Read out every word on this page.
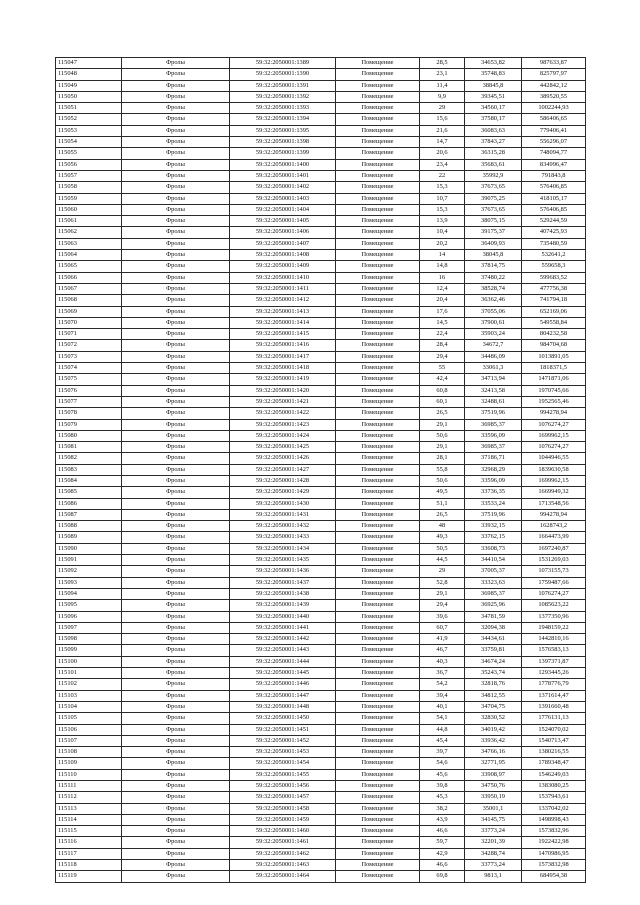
115047	Фролы	59:32:2050001:1389	Помещение	28,5	34653,82	987633,87
115048	Фролы	59:32:2050001:1390	Помещение	23,1	35748,83	825797,97
115049	Фролы	59:32:2050001:1391	Помещение	11,4	38845,8	442842,12
115050	Фролы	59:32:2050001:1392	Помещение	9,9	39345,51	389520,55
115051	Фролы	59:32:2050001:1393	Помещение	29	34560,17	1002244,93
115052	Фролы	59:32:2050001:1394	Помещение	15,6	37580,17	586406,65
115053	Фролы	59:32:2050001:1395	Помещение	21,6	36083,63	779406,41
115054	Фролы	59:32:2050001:1398	Помещение	14,7	37843,27	556296,07
115055	Фролы	59:32:2050001:1399	Помещение	20,6	36315,28	748094,77
115056	Фролы	59:32:2050001:1400	Помещение	23,4	35683,61	834996,47
115057	Фролы	59:32:2050001:1401	Помещение	22	35992,9	791843,8
115058	Фролы	59:32:2050001:1402	Помещение	15,3	37673,65	576406,85
115059	Фролы	59:32:2050001:1403	Помещение	10,7	39075,25	418105,17
115060	Фролы	59:32:2050001:1404	Помещение	15,3	37673,65	576406,85
115061	Фролы	59:32:2050001:1405	Помещение	13,9	38075,15	529244,59
115062	Фролы	59:32:2050001:1406	Помещение	10,4	39175,37	407425,93
115063	Фролы	59:32:2050001:1407	Помещение	20,2	36409,93	735480,59
115064	Фролы	59:32:2050001:1408	Помещение	14	38045,8	532641,2
115065	Фролы	59:32:2050001:1409	Помещение	14,8	37814,75	559658,3
115066	Фролы	59:32:2050001:1410	Помещение	16	37480,22	599683,52
115067	Фролы	59:32:2050001:1411	Помещение	12,4	38528,74	477756,38
115068	Фролы	59:32:2050001:1412	Помещение	20,4	36362,46	741794,18
115069	Фролы	59:32:2050001:1413	Помещение	17,6	37055,06	652169,06
115070	Фролы	59:32:2050001:1414	Помещение	14,5	37900,61	549558,84
115071	Фролы	59:32:2050001:1415	Помещение	22,4	35903,24	804232,58
115072	Фролы	59:32:2050001:1416	Помещение	28,4	34672,7	984704,68
115073	Фролы	59:32:2050001:1417	Помещение	29,4	34486,09	1013891,05
115074	Фролы	59:32:2050001:1418	Помещение	55	33061,3	1818371,5
115075	Фролы	59:32:2050001:1419	Помещение	42,4	34713,94	1471871,06
115076	Фролы	59:32:2050001:1420	Помещение	60,8	32413,58	1970745,66
115077	Фролы	59:32:2050001:1421	Помещение	60,1	32488,61	1952565,46
115078	Фролы	59:32:2050001:1422	Помещение	26,5	37519,96	994278,94
115079	Фролы	59:32:2050001:1423	Помещение	29,1	36985,37	1076274,27
115080	Фролы	59:32:2050001:1424	Помещение	50,6	33596,09	1699962,15
115081	Фролы	59:32:2050001:1425	Помещение	29,1	36985,37	1076274,27
115082	Фролы	59:32:2050001:1426	Помещение	28,1	37186,71	1044946,55
115083	Фролы	59:32:2050001:1427	Помещение	55,8	32968,29	1839630,58
115084	Фролы	59:32:2050001:1428	Помещение	50,6	33596,09	1699962,15
115085	Фролы	59:32:2050001:1429	Помещение	49,5	33736,35	1669949,32
115086	Фролы	59:32:2050001:1430	Помещение	51,1	33533,24	1713548,56
115087	Фролы	59:32:2050001:1431	Помещение	26,5	37519,96	994278,94
115088	Фролы	59:32:2050001:1432	Помещение	48	33932,15	1628743,2
115089	Фролы	59:32:2050001:1433	Помещение	49,3	33762,15	1664473,99
115090	Фролы	59:32:2050001:1434	Помещение	50,5	33608,73	1697240,87
115091	Фролы	59:32:2050001:1435	Помещение	44,5	34410,54	1531269,03
115092	Фролы	59:32:2050001:1436	Помещение	29	37005,37	1073155,73
115093	Фролы	59:32:2050001:1437	Помещение	52,8	33323,63	1759487,66
115094	Фролы	59:32:2050001:1438	Помещение	29,1	36985,37	1076274,27
115095	Фролы	59:32:2050001:1439	Помещение	29,4	36925,96	1085623,22
115096	Фролы	59:32:2050001:1440	Помещение	39,6	34781,59	1377350,96
115097	Фролы	59:32:2050001:1441	Помещение	60,7	32094,38	1948159,22
115098	Фролы	59:32:2050001:1442	Помещение	41,9	34434,61	1442810,16
115099	Фролы	59:32:2050001:1443	Помещение	46,7	33759,81	1576583,13
115100	Фролы	59:32:2050001:1444	Помещение	40,3	34674,24	1397371,87
115101	Фролы	59:32:2050001:1445	Помещение	36,7	35243,74	1293445,26
115102	Фролы	59:32:2050001:1446	Помещение	54,2	32818,76	1778776,79
115103	Фролы	59:32:2050001:1447	Помещение	39,4	34812,55	1371614,47
115104	Фролы	59:32:2050001:1448	Помещение	40,1	34704,75	1391660,48
115105	Фролы	59:32:2050001:1450	Помещение	54,1	32830,52	1776131,13
115106	Фролы	59:32:2050001:1451	Помещение	44,8	34019,42	1524070,02
115107	Фролы	59:32:2050001:1452	Помещение	45,4	33936,42	1540713,47
115108	Фролы	59:32:2050001:1453	Помещение	39,7	34766,16	1380216,55
115109	Фролы	59:32:2050001:1454	Помещение	54,6	32771,95	1789348,47
115110	Фролы	59:32:2050001:1455	Помещение	45,6	33908,97	1546249,03
115111	Фролы	59:32:2050001:1456	Помещение	39,8	34750,76	1383080,25
115112	Фролы	59:32:2050001:1457	Помещение	45,3	33950,19	1537943,61
115113	Фролы	59:32:2050001:1458	Помещение	38,2	35001,1	1337042,02
115114	Фролы	59:32:2050001:1459	Помещение	43,9	34145,75	1498998,43
115115	Фролы	59:32:2050001:1460	Помещение	46,6	33773,24	1573832,96
115116	Фролы	59:32:2050001:1461	Помещение	59,7	32201,39	1922422,98
115117	Фролы	59:32:2050001:1462	Помещение	42,9	34288,74	1470986,95
115118	Фролы	59:32:2050001:1463	Помещение	46,6	33773,24	1573832,98
115119	Фролы	59:32:2050001:1464	Помещение	69,8	9813,1	684954,38
